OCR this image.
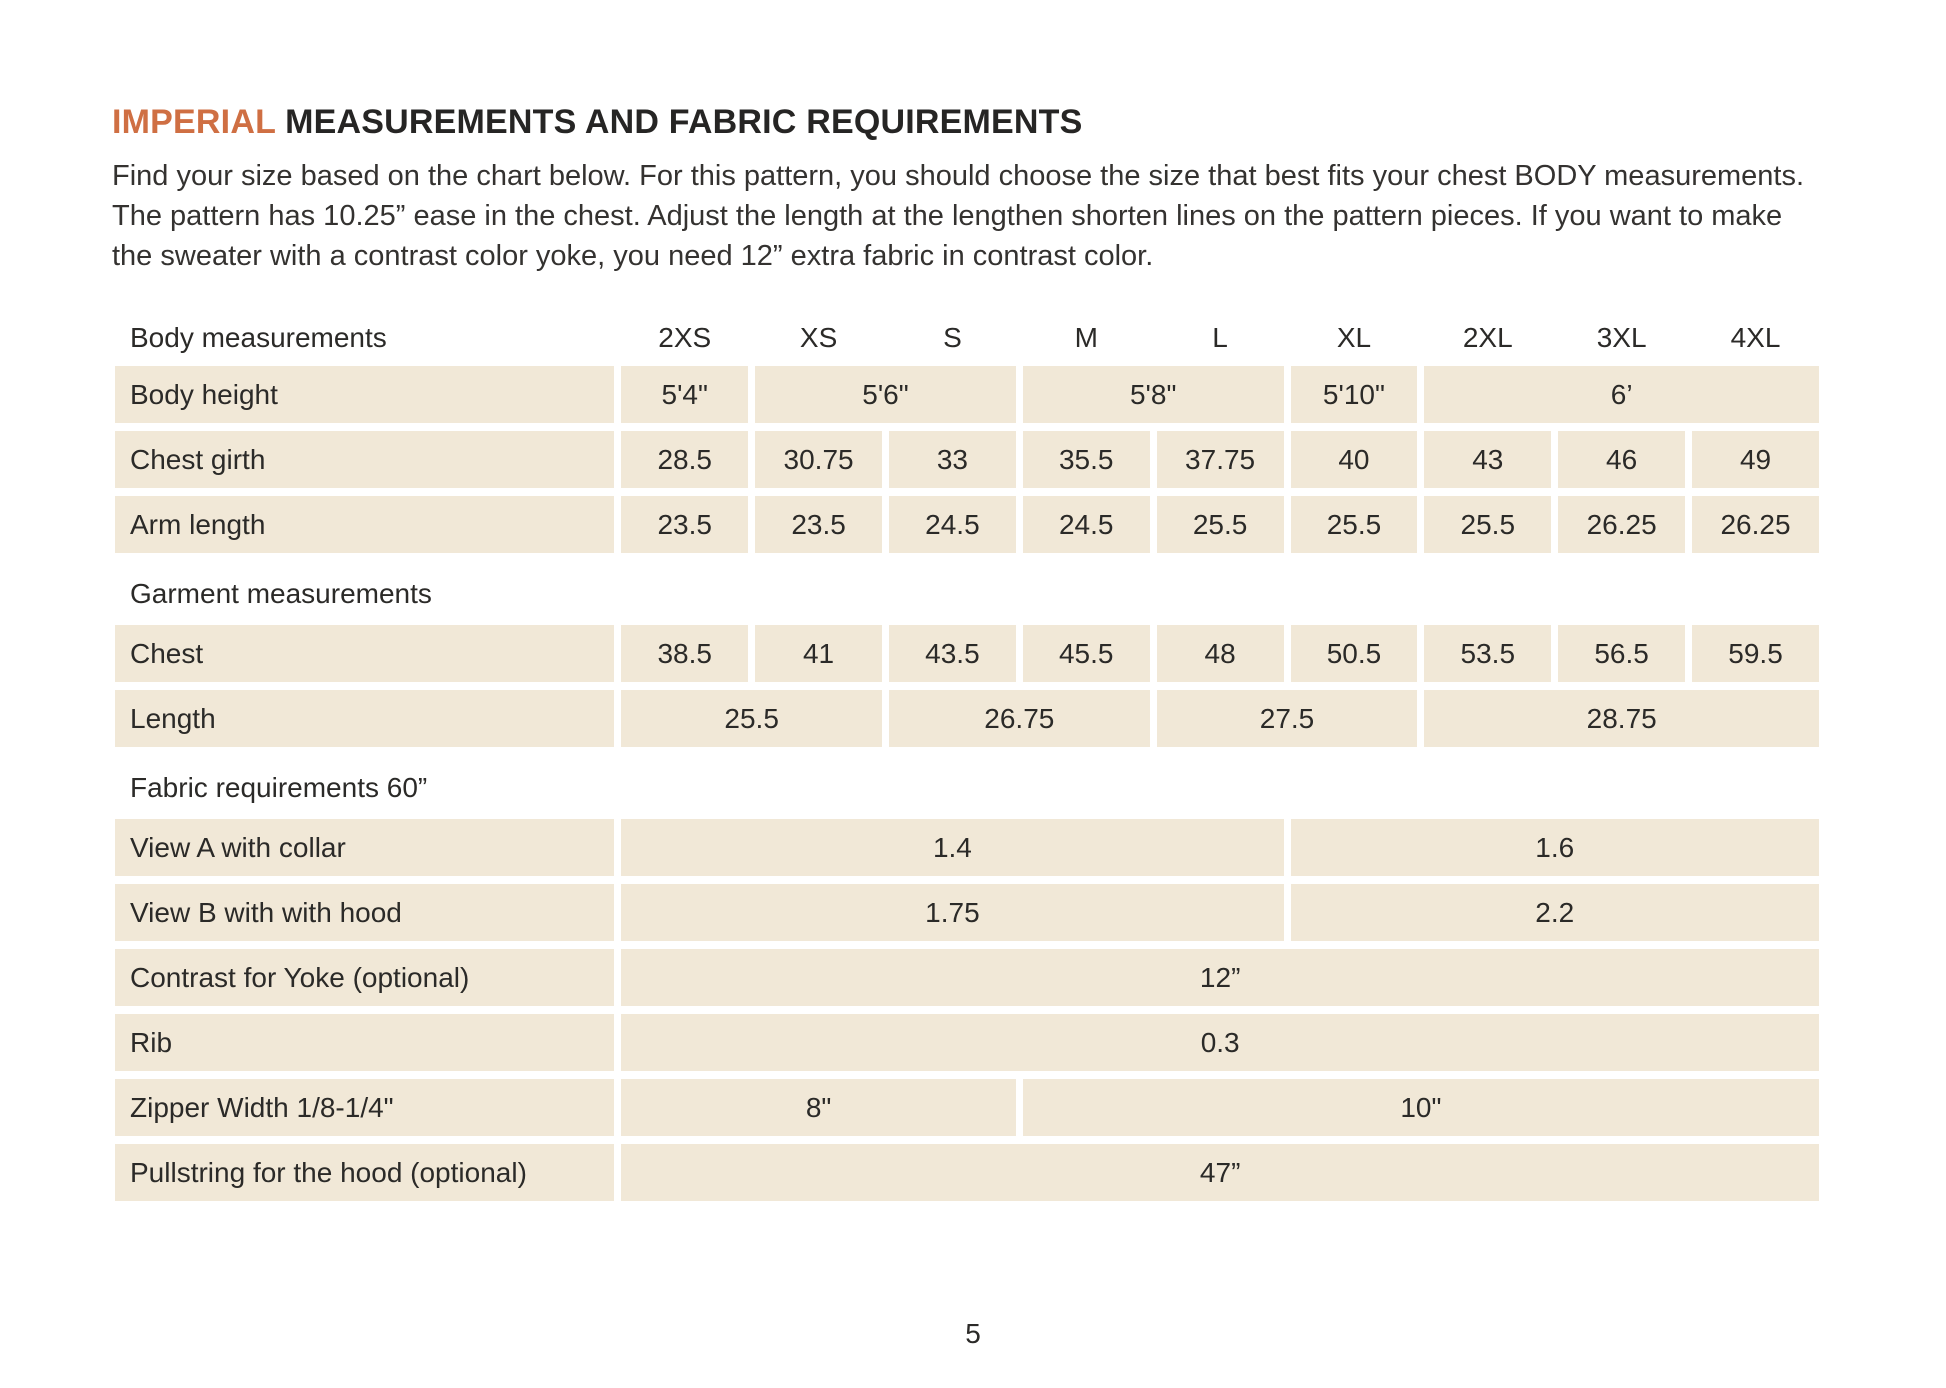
IMPERIAL MEASUREMENTS AND FABRIC REQUIREMENTS

Find your size based on the chart below. For this pattern, you should choose the size that best fits your chest BODY measurements. The pattern has 10.25” ease in the chest. Adjust the length at the lengthen shorten lines on the pattern pieces. If you want to make the sweater with a contrast color yoke, you need 12” extra fabric in contrast color.

Body measurements	2XS	XS	S	M	L	XL	2XL	3XL	4XL
Body height	5'4"	5'6"		5'8"		5'10"	6’		
Chest girth	28.5	30.75	33	35.5	37.75	40	43	46	49
Arm length	23.5	23.5	24.5	24.5	25.5	25.5	25.5	26.25	26.25
Garment measurements									
Chest	38.5	41	43.5	45.5	48	50.5	53.5	56.5	59.5
Length	25.5		26.75		27.5		28.75		
Fabric requirements 60”									
View A with collar	1.4					1.6			
View B with with hood	1.75					2.2			
Contrast for Yoke (optional)	12”								
Rib	0.3								
Zipper Width 1/8-1/4"	8"			10"					
Pullstring for the hood (optional)	47”								
5
